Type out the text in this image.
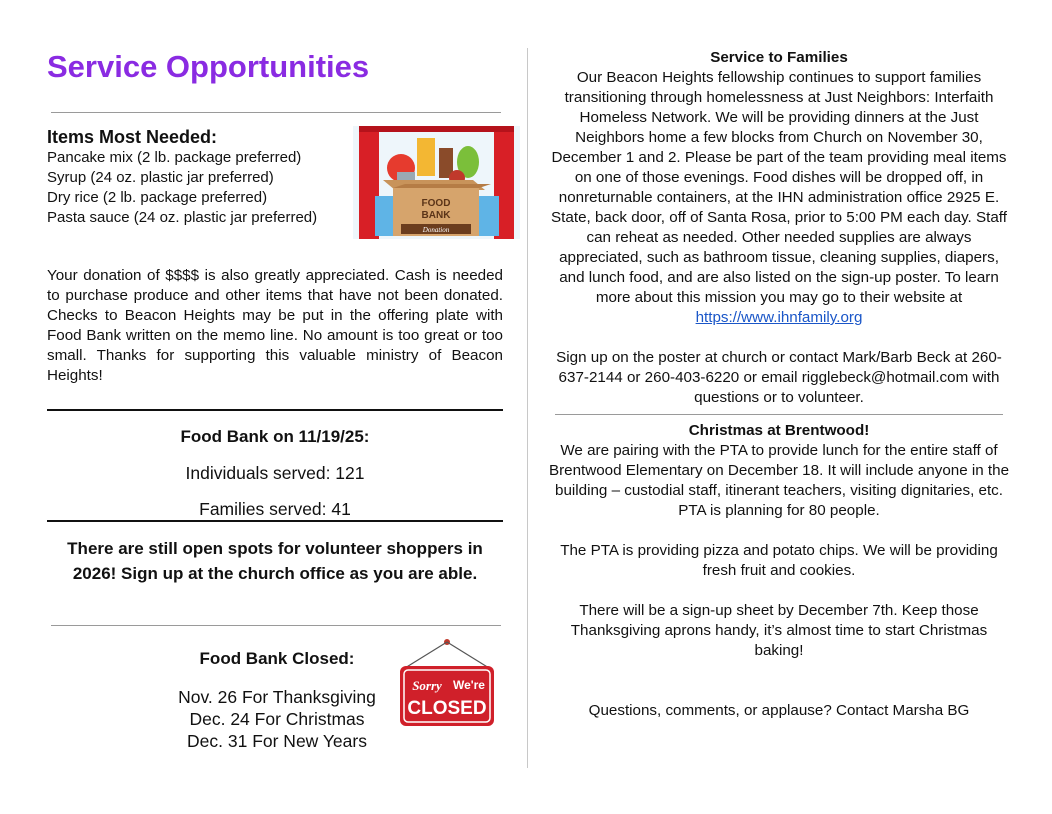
Service Opportunities
Items Most Needed:
Pancake mix (2 lb. package preferred)
Syrup (24 oz. plastic jar preferred)
Dry rice (2 lb. package preferred)
Pasta sauce (24 oz. plastic jar preferred)
FOOD
BANK
Donation

Your donation of $$$$ is also greatly appreciated. Cash is needed to purchase produce and other items that have not been donated. Checks to Beacon Heights may be put in the offering plate with Food Bank written on the memo line. No amount is too great or too small. Thanks for supporting this valuable ministry of Beacon Heights!

Food Bank on 11/19/25:
Individuals served: 121
Families served: 41

There are still open spots for volunteer shoppers in 2026! Sign up at the church office as you are able.

Food Bank Closed:
Nov. 26 For Thanksgiving
Dec. 24 For Christmas
Dec. 31 For New Years
Sorry We're
CLOSED
Service to Families

Our Beacon Heights fellowship continues to support families transitioning through homelessness at Just Neighbors: Interfaith Homeless Network. We will be providing dinners at the Just Neighbors home a few blocks from Church on November 30, December 1 and 2. Please be part of the team providing meal items on one of those evenings. Food dishes will be dropped off, in nonreturnable containers, at the IHN administration office 2925 E. State, back door, off of Santa Rosa, prior to 5:00 PM each day. Staff can reheat as needed. Other needed supplies are always appreciated, such as bathroom tissue, cleaning supplies, diapers, and lunch food, and are also listed on the sign-up poster. To learn more about this mission you may go to their website at https://www.ihnfamily.org

Sign up on the poster at church or contact Mark/Barb Beck at 260-637-2144 or 260-403-6220 or email rigglebeck@hotmail.com with questions or to volunteer.

Christmas at Brentwood!

We are pairing with the PTA to provide lunch for the entire staff of Brentwood Elementary on December 18. It will include anyone in the building – custodial staff, itinerant teachers, visiting dignitaries, etc. PTA is planning for 80 people.

The PTA is providing pizza and potato chips. We will be providing fresh fruit and cookies.

There will be a sign-up sheet by December 7th. Keep those Thanksgiving aprons handy, it’s almost time to start Christmas baking!

Questions, comments, or applause? Contact Marsha BG
